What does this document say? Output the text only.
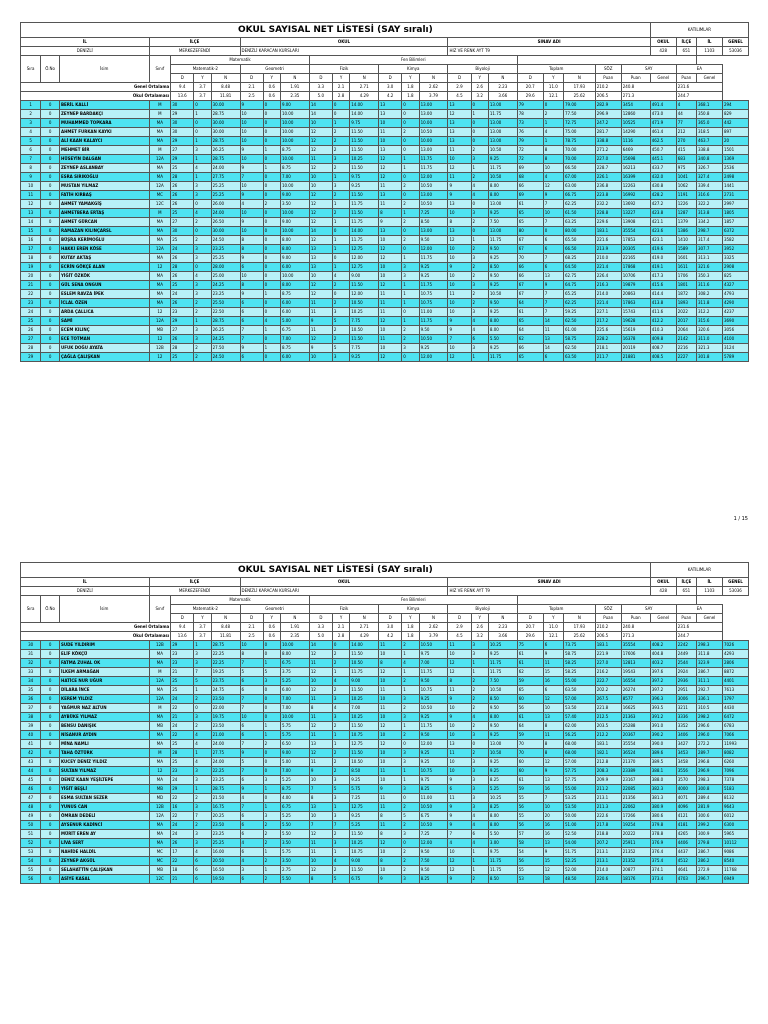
OKUL SAYISAL NET LİSTESİ (SAY sıralı)																								KATILIMLAR			
İL			İLÇE				OKUL									SINAV ADI								OKUL	İLÇE	İL	GENEL
DENİZLİ			MERKEZEFENDİ				DENİZLİ KARACAN KURSLARI									HIZ VE RENK AYT T9								428	651	1103	53036
Sıra	Ö.No	İsim	Sınıf	Matematik						Fen Bilimleri																	
				Matematik-2			Geometri			Fizik			Kimya			Biyoloji			Toplam			SÖZ	SAY		EA		
				D	Y	N	D	Y	N	D	Y	N	D	Y	N	D	Y	N	D	Y	N	Puan	Puan	Genel	Puan	Genel	
Genel Ortalama				9.4	3.7	8.48	2.1	0.6	1.91	3.3	2.1	2.71	3.0	1.8	2.62	2.9	2.6	2.23	20.7	11.0	17.93	210.2	240.8		231.6		
Okul Ortalaması				13.6	3.7	11.81	2.5	0.6	2.35	5.0	2.8	4.29	4.2	1.8	3.79	4.5	3.2	3.66	29.6	12.1	25.62	206.5	271.3		244.7		
1	0	BERİL KALLİ	M	30	0	30.00	9	0	9.00	14	0	14.00	13	0	13.00	13	0	13.00	79	0	79.00	282.9	3454	491.4	4	368.1	294
2	0	ZEYNEP BARDAKÇI	M	29	1	28.75	10	0	10.00	14	0	14.00	13	0	13.00	12	1	11.75	78	2	77.50	296.9	12860	473.0	44	350.8	829
3	0	MUHAMMED TOPKARA	MA	30	0	30.00	10	0	10.00	10	1	9.75	10	0	10.00	13	0	13.00	73	1	72.75	247.2	10525	471.9	77	365.0	442
4	0	AHMET FURKAN KAYKI	MA	30	0	30.00	10	0	10.00	12	2	11.50	11	2	10.50	13	0	13.00	76	4	75.00	281.7	14290	461.4	212	318.5	897
5	0	ALİ KAAN KALAYCI	MA	29	1	28.75	10	0	10.00	12	2	11.50	10	0	10.00	13	0	13.00	79	1	78.75	338.8	1116	462.5	270	463.7	20
6	0	MEHMET BİR	M	27	3	26.25	9	1	8.75	12	2	11.50	13	0	13.00	11	2	10.50	72	8	70.00	271.2	6469	450.7	415	338.8	1501
7	0	HÜSEYİN DALGAN	12A	29	1	28.75	10	0	10.00	11	3	10.25	12	1	11.75	10	3	9.25	72	8	70.00	227.0	15698	445.1	683	340.8	1369
8	0	ZEYNEP ASLANBAY	MA	25	4	24.00	9	1	8.75	12	2	11.50	12	1	11.75	12	1	11.75	69	10	66.50	228.7	16213	433.7	975	326.7	2536
9	0	ESRA SIRIKOĞLU	MA	28	1	27.75	7	0	7.00	10	1	9.75	12	0	12.00	11	2	10.50	68	4	67.00	226.1	16399	432.0	1041	327.4	2498
10	0	MUSTAN YILMAZ	12A	26	3	25.25	10	0	10.00	10	3	9.25	11	2	10.50	9	4	8.00	66	12	63.00	236.8	12263	430.8	1062	339.4	1441
11	0	FATİH KIRBAŞ	MC	26	3	25.25	9	0	9.00	12	2	11.50	13	0	13.00	9	4	8.00	69	9	66.75	223.8	16992	428.2	1191	316.6	2731
12	0	AHMET YAMAKGİŞ	12C	26	0	26.00	4	2	3.50	12	1	11.75	11	2	10.50	13	0	13.00	61	7	62.25	232.2	13692	427.2	1226	322.2	2997
13	0	AHMETBERA ERTAŞ	M	25	4	24.00	10	0	10.00	12	2	11.50	8	1	7.25	10	3	9.25	65	10	61.50	228.8	13227	423.8	1287	313.8	1805
14	0	AHMET GÜRCAN	MA	27	2	26.50	9	0	9.00	12	1	11.75	9	2	8.50	8	2	7.50	65	7	63.25	229.6	13908	421.1	1379	334.2	1857
15	0	RAMAZAN KILINÇARSL	MA	30	0	30.00	10	0	10.00	14	0	14.00	13	0	13.00	13	0	13.00	80	0	80.00	183.1	35554	423.6	1386	298.7	6372
16	0	BÜŞRA KERİMOĞLU	MA	25	2	24.50	8	0	8.00	12	1	11.75	10	2	9.50	12	1	11.75	67	6	65.50	221.6	17853	423.1	1410	317.4	3582
17	0	HAKKI EREN KÖSE	12A	24	3	23.25	8	0	8.00	13	1	12.75	12	0	12.00	10	2	9.50	67	6	66.50	213.9	20305	419.6	1589	307.7	3952
18	0	KUTAY AKTAŞ	MA	26	3	25.25	9	0	9.00	13	0	12.00	12	1	11.75	10	3	9.25	70	7	68.25	210.0	22165	419.0	1601	313.1	3325
19	0	ECRİN GÖKÇE ALAN	12	28	0	28.00	6	0	6.00	13	1	12.75	10	3	9.25	9	2	8.50	66	6	64.50	221.4	17868	419.1	1611	321.6	2908
20	0	YİĞİT ÖZKÖK	MA	26	4	25.00	10	0	10.00	10	4	9.00	10	3	9.25	10	2	9.50	66	13	62.75	226.4	10706	417.3	1706	350.3	825
21	0	GÜL SENA ONGUN	MA	25	3	24.25	8	0	8.00	12	2	11.50	12	1	11.75	10	3	9.25	67	9	64.75	216.3	19879	415.6	1801	311.6	4327
22	0	ESLEM RAVZA İPEK	MA	24	3	23.25	9	1	8.75	12	0	12.00	11	1	10.75	11	2	10.50	67	7	65.25	214.0	20863	414.4	1872	308.2	4793
23	0	İCLAL ÖZEN	MA	26	2	25.50	6	0	6.00	11	2	10.50	11	1	10.75	10	2	9.50	64	7	62.25	221.4	17863	413.8	1893	311.8	4290
24	0	ARDA ÇALLICA	12	23	2	22.50	6	0	6.00	11	3	10.25	11	0	11.00	10	3	9.25	61	7	59.25	227.1	15743	411.6	2022	312.2	4237
25	0	SAMİ	12A	29	1	28.75	6	4	5.00	9	5	7.75	12	1	11.75	9	4	8.00	65	14	62.50	217.2	19628	412.2	2017	315.6	3690
26	0	ECEM KILINÇ	MB	27	3	26.25	7	1	6.75	11	2	10.50	10	2	9.50	9	4	8.00	64	11	61.00	225.6	15619	410.3	2064	320.6	3056
27	0	ECE TOTMAN	12	26	3	24.25	7	0	7.00	12	2	11.50	11	2	10.50	7	6	5.50	62	13	58.75	228.2	16378	409.8	2142	311.0	4100
28	0	UFUK DOĞU AYATA	12B	28	2	27.50	9	1	8.75	9	5	7.75	10	3	9.25	10	3	9.25	66	14	62.50	218.1	20119	408.7	2216	321.3	3124
29	0	ÇAĞLA ÇALIŞKAN	12	25	2	24.50	6	0	6.00	10	3	9.25	12	0	12.00	12	1	11.75	65	6	63.50	211.7	21881	408.5	2227	301.8	5789
1 / 15
OKUL SAYISAL NET LİSTESİ (SAY sıralı)																								KATILIMLAR			
İL			İLÇE				OKUL									SINAV ADI								OKUL	İLÇE	İL	GENEL
DENİZLİ			MERKEZEFENDİ				DENİZLİ KARACAN KURSLARI									HIZ VE RENK AYT T9								428	651	1103	53036
Sıra	Ö.No	İsim	Sınıf	Matematik						Fen Bilimleri																	
				Matematik-2			Geometri			Fizik			Kimya			Biyoloji			Toplam			SÖZ	SAY		EA		
				D	Y	N	D	Y	N	D	Y	N	D	Y	N	D	Y	N	D	Y	N	Puan	Puan	Genel	Puan	Genel	
Genel Ortalama				9.4	3.7	8.48	2.1	0.6	1.91	3.3	2.1	2.71	3.0	1.8	2.62	2.9	2.6	2.23	20.7	11.0	17.93	210.2	240.8		231.6		
Okul Ortalaması				13.6	3.7	11.81	2.5	0.6	2.35	5.0	2.8	4.29	4.2	1.8	3.79	4.5	3.2	3.66	29.6	12.1	25.62	206.5	271.3		244.7		
30	0	SUDE YILDIRIM	12B	29	1	28.75	10	0	10.00	14	0	14.00	11	2	10.50	11	3	10.25	75	6	73.75	183.1	35554	408.2	2242	298.3	7026
31	0	ELİF KÖKÇÜ	MA	23	3	22.25	8	0	8.00	12	2	11.50	10	1	9.75	10	3	9.25	61	9	58.75	221.9	17606	404.8	2449	311.8	4293
32	0	FATMA ZUHAL OK	MA	23	3	22.25	7	1	6.75	11	2	10.50	8	4	7.00	12	1	11.75	61	11	58.25	227.0	12813	403.2	2544	323.9	2806
33	0	İLKEM ARMAĞAN	M	21	7	19.25	5	5	3.75	12	1	11.75	12	1	11.75	12	1	11.75	62	15	58.25	216.2	19543	397.6	2924	286.7	8872
34	0	HATİCE NUR UĞUR	12A	25	5	23.75	6	3	5.25	10	4	9.00	10	2	9.50	8	2	7.50	59	16	55.00	222.7	16554	397.2	2936	311.1	4401
35	0	DİLARA İNCE	MA	25	1	24.75	6	0	6.00	12	2	11.50	11	1	10.75	11	2	10.50	65	6	63.50	202.2	26274	397.2	2951	292.7	7613
36	0	KEREM YILDIZ	12A	24	2	23.50	7	0	7.00	11	3	10.25	10	3	9.25	9	2	8.50	60	12	57.00	267.5	8577	396.3	3006	336.1	1797
37	0	YAĞMUR NAZ ALTUN	M	22	0	22.00	7	0	7.00	8	4	7.00	11	2	10.50	10	2	9.50	56	10	53.50	221.8	16625	393.5	3211	310.5	4430
38	0	AYBÜKE YILMAZ	MA	21	3	19.75	10	0	10.00	11	3	10.25	10	3	9.25	9	4	8.00	61	13	57.40	212.5	21363	391.2	3336	298.2	6472
39	0	BENSU DANIŞIK	MB	24	2	23.50	6	1	5.75	12	2	11.50	12	1	11.75	10	2	9.50	64	8	62.00	203.5	25288	391.0	3352	296.6	6783
40	0	NİSANUR AYDIN	MA	22	4	21.00	6	1	5.75	11	1	10.75	10	2	9.50	10	3	9.25	59	11	56.25	212.2	20367	390.2	3406	296.0	7066
41	0	MİNA NAMLI	MA	25	4	24.00	7	2	6.50	13	1	12.75	12	0	12.00	13	0	13.00	70	8	68.00	183.1	35554	390.0	3427	272.2	11993
42	0	TAHA ÖZTÜRK	M	28	1	27.75	9	0	9.00	12	2	11.50	10	3	9.25	11	2	10.50	70	8	68.00	182.1	36524	389.6	3453	289.7	8082
43	0	KUCEY DENİZ YILDIZ	MA	25	4	24.00	5	0	5.00	11	2	10.50	10	3	9.25	10	3	9.25	60	12	57.00	212.8	21370	389.5	3458	296.8	6260
44	0	SULTAN YILMAZ	12	23	3	22.25	7	0	7.00	9	2	8.50	11	1	10.75	10	3	9.25	60	9	57.75	208.3	23389	388.1	3556	296.9	7096
45	0	DENİZ KAAN YEŞİLTEPE	MA	24	3	23.25	6	3	5.25	10	3	9.25	10	1	9.75	9	3	8.25	61	13	57.75	209.9	23167	388.0	3570	298.3	7378
46	0	YİĞİT BEŞLİ	MB	29	1	28.75	9	1	8.75	7	5	5.75	9	3	8.25	6	3	5.25	59	16	55.00	211.2	22085	382.3	4000	300.8	5183
47	0	ESMA SULTAN SEZER	MD	22	2	21.50	4	0	4.00	8	3	7.25	11	0	11.00	11	3	10.25	55	7	53.25	213.1	21356	381.3	4071	289.4	8132
48	0	YUNUS CAN	12B	16	3	16.75	7	1	6.75	13	1	12.75	11	2	10.50	9	3	8.25	56	10	53.50	211.3	22062	380.9	4096	281.9	9643
49	0	ÖMRAN DEDELİ	12A	22	7	20.25	6	3	5.25	10	3	9.25	8	5	6.75	9	4	8.00	55	20	50.00	222.6	17266	380.6	4121	300.6	6012
50	0	AYSENUR KADİNCİ	MA	24	2	23.50	6	2	5.50	7	7	5.25	11	2	10.50	9	4	8.00	56	16	51.00	217.8	19254	379.8	4181	299.2	6300
51	0	MÜRİT EREN AY	MA	24	3	23.25	6	2	5.50	12	2	11.50	8	3	7.25	7	6	5.50	57	16	52.50	218.8	20222	378.8	4265	300.9	5965
52	0	LİVA SERT	MA	26	3	25.25	4	2	3.50	11	3	10.25	12	0	12.00	4	4	3.00	58	13	54.00	207.2	25911	376.9	4406	279.8	10112
53	0	NAHİDE HALDİL	MC	17	4	16.00	6	1	5.75	11	1	10.75	10	2	9.50	10	1	9.75	54	9	51.75	213.1	21352	376.4	4437	286.7	9086
54	0	ZEYNEP AKGÜL	MC	22	6	20.50	4	2	3.50	10	4	9.00	8	2	7.50	12	1	11.75	56	15	52.25	213.1	21352	375.4	4512	286.2	8540
55	0	SELAHATTİN ÇALIŞKAN	MB	18	6	16.50	3	1	2.75	12	2	11.50	10	2	9.50	12	1	11.75	55	12	52.00	214.0	20877	374.1	4641	272.9	11768
56	0	ASİYE KASAL	12C	21	6	19.50	6	2	5.50	8	5	6.75	9	3	8.25	9	2	8.50	53	18	48.50	220.6	18176	373.4	4703	296.7	6949
